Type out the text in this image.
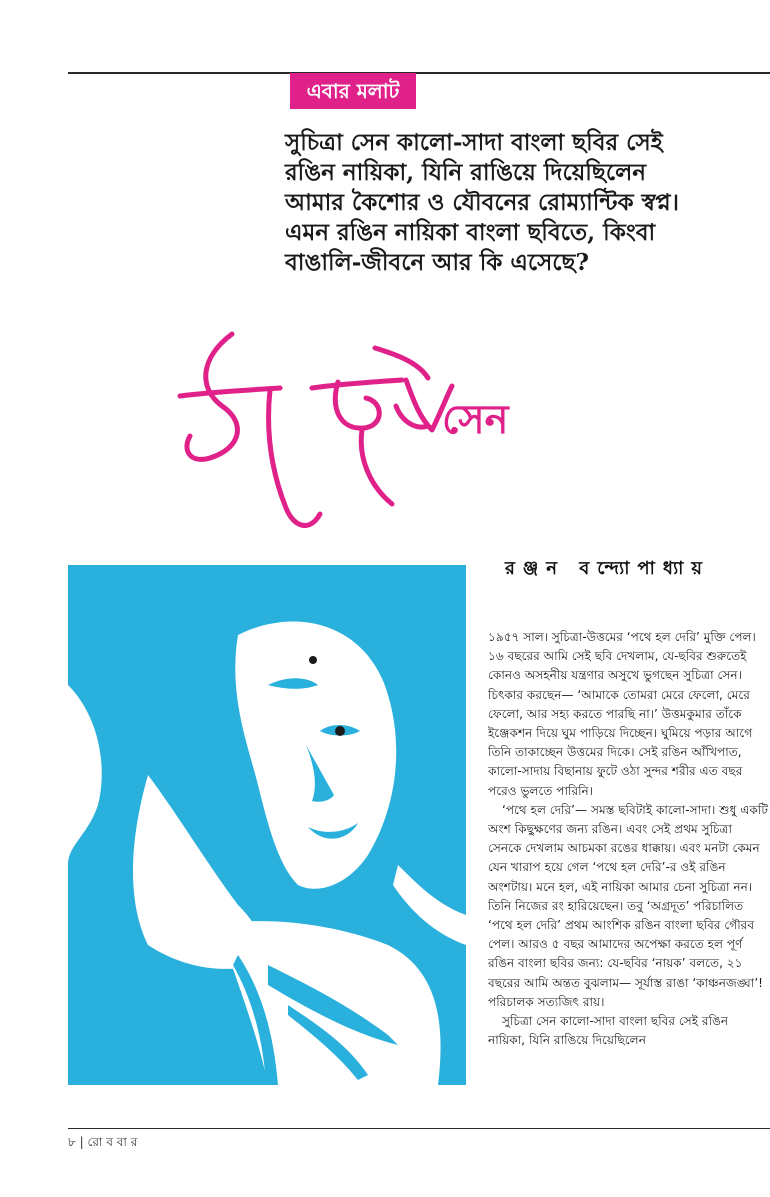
এবার মলাট

সুচিত্রা সেন কালো-সাদা বাংলা ছবির সেই

রঙিন নায়িকা, যিনি রাঙিয়ে দিয়েছিলেন

আমার কৈশোর ও যৌবনের রোম্যান্টিক স্বপ্ন।

এমন রঙিন নায়িকা বাংলা ছবিতে, কিংবা

বাঙালি-জীবনে আর কি এসেছে?

সেন
রঞ্জন বন্দ্যোপাধ্যায়

১৯৫৭ সাল। সুচিত্রা-উত্তমের ‘পথে হল দেরি’ মুক্তি পেল। ১৬ বছরের আমি সেই ছবি দেখলাম, যে-ছবির শুরুতেই কোনও অসহনীয় যন্ত্রণার অসুখে ভুগছেন সুচিত্রা সেন। চিৎকার করছেন— ‘আমাকে তোমরা মেরে ফেলো, মেরে ফেলো, আর সহ্য করতে পারছি না।’ উত্তমকুমার তাঁকে ইঞ্জেকশন দিয়ে ঘুম পাড়িয়ে দিচ্ছেন। ঘুমিয়ে পড়ার আগে তিনি তাকাচ্ছেন উত্তমের দিকে। সেই রঙিন আঁখিপাত, কালো-সাদায় বিছানায় ফুটে ওঠা সুন্দর শরীর এত বছর পরেও ভুলতে পারিনি।

‘পথে হল দেরি’— সমস্ত ছবিটাই কালো-সাদা। শুধু একটি অংশ কিছুক্ষণের জন্য রঙিন। এবং সেই প্রথম সুচিত্রা সেনকে দেখলাম আচমকা রঙের ধাক্কায়। এবং মনটা কেমন যেন খারাপ হয়ে গেল ‘পথে হল দেরি’-র ওই রঙিন অংশটায়। মনে হল, এই নায়িকা আমার চেনা সুচিত্রা নন। তিনি নিজের রং হারিয়েছেন। তবু ‘অগ্রদূত’ পরিচালিত ‘পথে হল দেরি’ প্রথম আংশিক রঙিন বাংলা ছবির গৌরব পেল। আরও ৫ বছর আমাদের অপেক্ষা করতে হল পূর্ণ রঙিন বাংলা ছবির জন্য: যে-ছবির ‘নায়ক’ বলতে, ২১ বছরের আমি অন্তত বুঝলাম— সূর্যাস্ত রাঙা ‘কাঞ্চনজঙ্ঘা’! পরিচালক সত্যজিৎ রায়।

সুচিত্রা সেন কালো-সাদা বাংলা ছবির সেই রঙিন নায়িকা, যিনি রাঙিয়ে দিয়েছিলেন

৮ | রো ব বা র
